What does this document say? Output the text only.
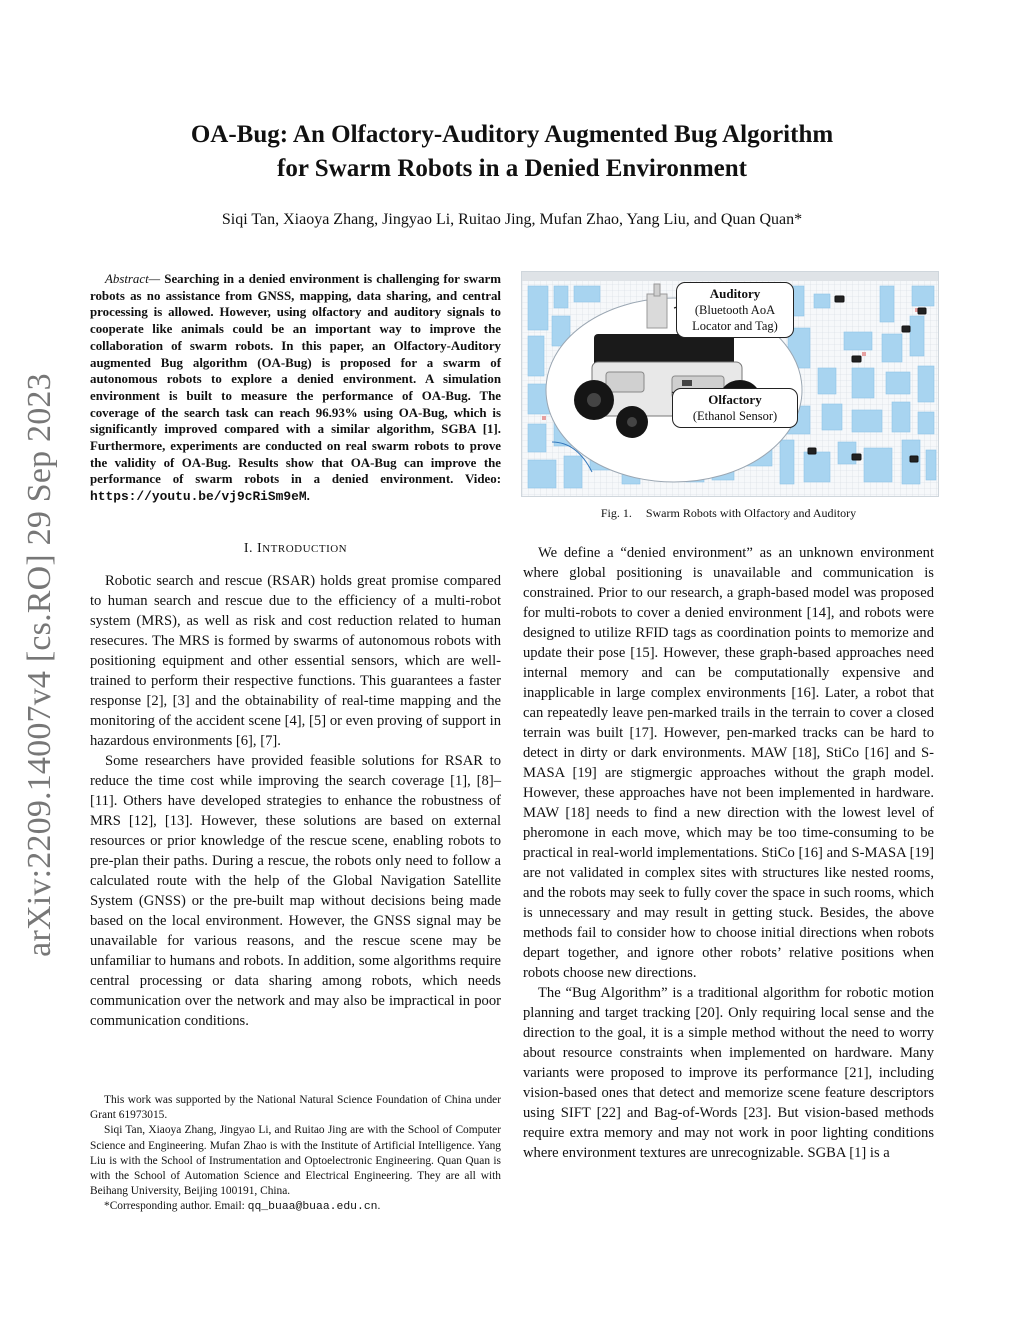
arXiv:2209.14007v4 [cs.RO] 29 Sep 2023
OA-Bug: An Olfactory-Auditory Augmented Bug Algorithm
for Swarm Robots in a Denied Environment
Siqi Tan, Xiaoya Zhang, Jingyao Li, Ruitao Jing, Mufan Zhao, Yang Liu, and Quan Quan*

Abstract— Searching in a denied environment is challenging for swarm robots as no assistance from GNSS, mapping, data sharing, and central processing is allowed. However, using olfactory and auditory signals to cooperate like animals could be an important way to improve the collaboration of swarm robots. In this paper, an Olfactory-Auditory augmented Bug algorithm (OA-Bug) is proposed for a swarm of autonomous robots to explore a denied environment. A simulation environment is built to measure the performance of OA-Bug. The coverage of the search task can reach 96.93% using OA-Bug, which is significantly improved compared with a similar algorithm, SGBA [1]. Furthermore, experiments are conducted on real swarm robots to prove the validity of OA-Bug. Results show that OA-Bug can improve the performance of swarm robots in a denied environment. Video: https://youtu.be/vj9cRiSm9eM.

I. INTRODUCTION

Robotic search and rescue (RSAR) holds great promise compared to human search and rescue due to the efficiency of a multi-robot system (MRS), as well as risk and cost reduction related to human resecures. The MRS is formed by swarms of autonomous robots with positioning equipment and other essential sensors, which are well-trained to perform their respective functions. This guarantees a faster response [2], [3] and the obtainability of real-time mapping and the monitoring of the accident scene [4], [5] or even proving of support in hazardous environments [6], [7].

Some researchers have provided feasible solutions for RSAR to reduce the time cost while improving the search coverage [1], [8]–[11]. Others have developed strategies to enhance the robustness of MRS [12], [13]. However, these solutions are based on external resources or prior knowledge of the rescue scene, enabling robots to pre-plan their paths. During a rescue, the robots only need to follow a calculated route with the help of the Global Navigation Satellite System (GNSS) or the pre-built map without decisions being made based on the local environment. However, the GNSS signal may be unavailable for various reasons, and the rescue scene may be unfamiliar to humans and robots. In addition, some algorithms require central processing or data sharing among robots, which needs communication over the network and may also be impractical in poor communication conditions.

This work was supported by the National Natural Science Foundation of China under Grant 61973015.

Siqi Tan, Xiaoya Zhang, Jingyao Li, and Ruitao Jing are with the School of Computer Science and Engineering. Mufan Zhao is with the Institute of Artificial Intelligence. Yang Liu is with the School of Instrumentation and Optoelectronic Engineering. Quan Quan is with the School of Automation Science and Electrical Engineering. They are all with Beihang University, Beijing 100191, China.

*Corresponding author. Email: qq_buaa@buaa.edu.cn.

Auditory
(Bluetooth AoA
Locator and Tag)
Olfactory
(Ethanol Sensor)
Fig. 1. Swarm Robots with Olfactory and Auditory

We define a “denied environment” as an unknown environment where global positioning is unavailable and communication is constrained. Prior to our research, a graph-based model was proposed for multi-robots to cover a denied environment [14], and robots were designed to utilize RFID tags as coordination points to memorize and update their pose [15]. However, these graph-based approaches need internal memory and can be computationally expensive and inapplicable in large complex environments [16]. Later, a robot that can repeatedly leave pen-marked trails in the terrain to cover a closed terrain was built [17]. However, pen-marked tracks can be hard to detect in dirty or dark environments. MAW [18], StiCo [16] and S-MASA [19] are stigmergic approaches without the graph model. However, these approaches have not been implemented in hardware. MAW [18] needs to find a new direction with the lowest level of pheromone in each move, which may be too time-consuming to be practical in real-world implementations. StiCo [16] and S-MASA [19] are not validated in complex sites with structures like nested rooms, and the robots may seek to fully cover the space in such rooms, which is unnecessary and may result in getting stuck. Besides, the above methods fail to consider how to choose initial directions when robots depart together, and ignore other robots’ relative positions when robots choose new directions.

The “Bug Algorithm” is a traditional algorithm for robotic motion planning and target tracking [20]. Only requiring local sense and the direction to the goal, it is a simple method without the need to worry about resource constraints when implemented on hardware. Many variants were proposed to improve its performance [21], including vision-based ones that detect and memorize scene feature descriptors using SIFT [22] and Bag-of-Words [23]. But vision-based methods require extra memory and may not work in poor lighting conditions where environment textures are unrecognizable. SGBA [1] is a
